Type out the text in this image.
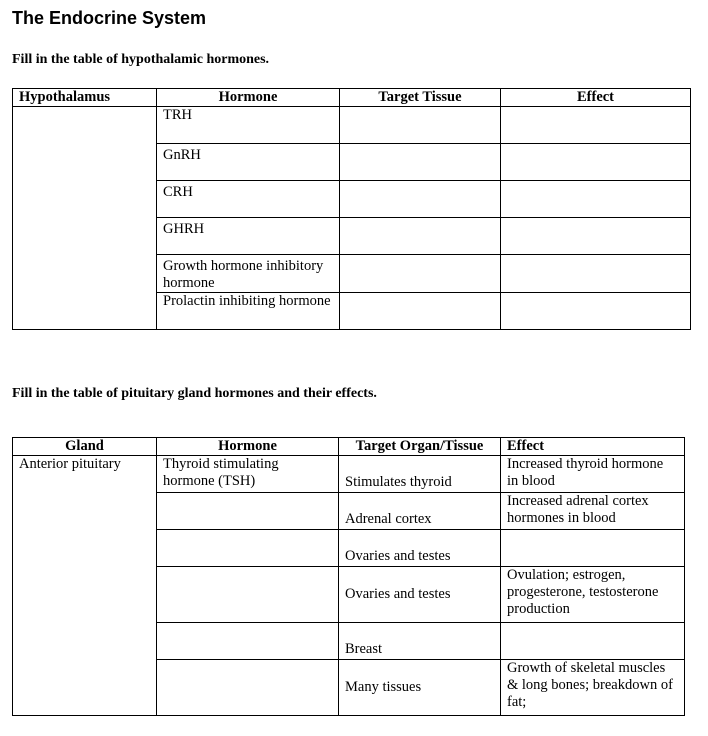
The Endocrine System
Fill in the table of hypothalamic hormones.
Hypothalamus	Hormone	Target Tissue	Effect
	TRH		
	GnRH		
	CRH		
	GHRH		
	Growth hormone inhibitory hormone		
	Prolactin inhibiting hormone		
Fill in the table of pituitary gland hormones and their effects.
Gland	Hormone	Target Organ/Tissue	Effect
Anterior pituitary	Thyroid stimulating hormone (TSH)	Stimulates thyroid	Increased thyroid hormone in blood
		Adrenal cortex	Increased adrenal cortex hormones in blood
		Ovaries and testes	
		Ovaries and testes	Ovulation; estrogen, progesterone, testosterone production
		Breast	
		Many tissues	Growth of skeletal muscles & long bones; breakdown of fat;
